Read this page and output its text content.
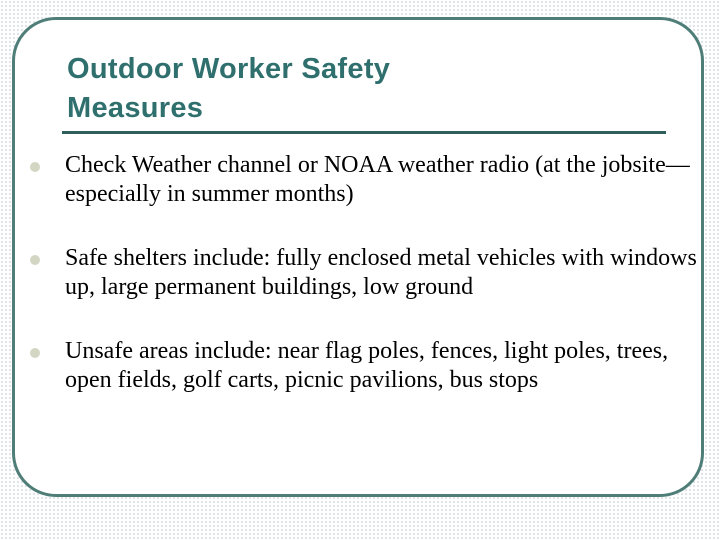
Outdoor Worker Safety
Measures
Check Weather channel or NOAA weather radio (at the jobsite—especially in summer months)
Safe shelters include: fully enclosed metal vehicles with windows up, large permanent buildings, low ground
Unsafe areas include: near flag poles, fences, light poles, trees, open fields, golf carts, picnic pavilions, bus stops
